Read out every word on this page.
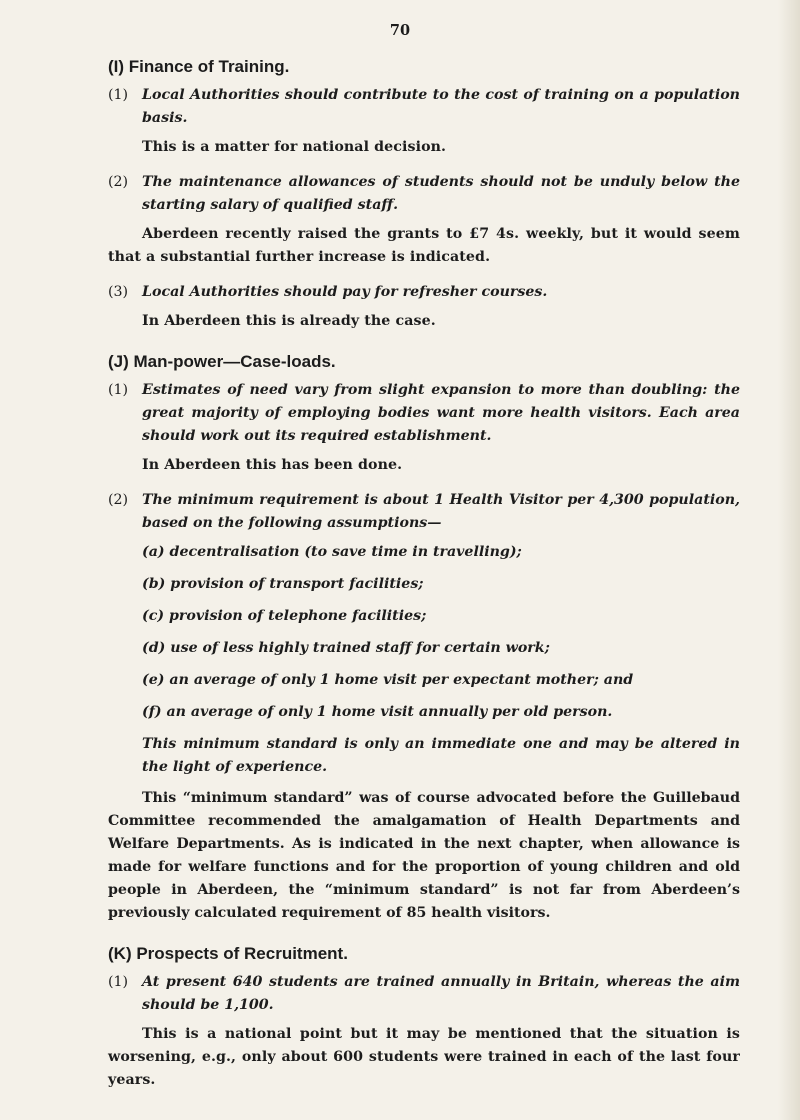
70
(I) Finance of Training.
(1) Local Authorities should contribute to the cost of training on a population basis.
This is a matter for national decision.
(2) The maintenance allowances of students should not be unduly below the starting salary of qualified staff.
Aberdeen recently raised the grants to £7 4s. weekly, but it would seem that a substantial further increase is indicated.
(3) Local Authorities should pay for refresher courses.
In Aberdeen this is already the case.
(J) Man-power—Case-loads.
(1) Estimates of need vary from slight expansion to more than doubling: the great majority of employing bodies want more health visitors. Each area should work out its required establishment.
In Aberdeen this has been done.
(2) The minimum requirement is about 1 Health Visitor per 4,300 population, based on the following assumptions—
(a) decentralisation (to save time in travelling);
(b) provision of transport facilities;
(c) provision of telephone facilities;
(d) use of less highly trained staff for certain work;
(e) an average of only 1 home visit per expectant mother; and
(f) an average of only 1 home visit annually per old person.
This minimum standard is only an immediate one and may be altered in the light of experience.
This “minimum standard” was of course advocated before the Guillebaud Committee recommended the amalgamation of Health Departments and Welfare Departments. As is indicated in the next chapter, when allowance is made for welfare functions and for the proportion of young children and old people in Aberdeen, the “minimum standard” is not far from Aberdeen’s previously calculated requirement of 85 health visitors.
(K) Prospects of Recruitment.
(1) At present 640 students are trained annually in Britain, whereas the aim should be 1,100.
This is a national point but it may be mentioned that the situation is worsening, e.g., only about 600 students were trained in each of the last four years.
